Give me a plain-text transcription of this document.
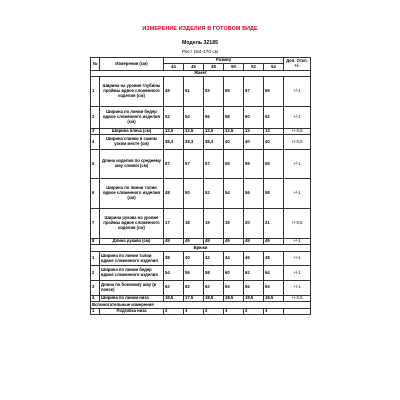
ИЗМЕРЕНИЕ ИЗДЕЛИЯ В ГОТОВОМ ВИДЕ
Модель 32185
Рост 164-170 см
№	Измерения (см)	Размер						Доп. Откл. +/-
		44	46	48	50	52	54	
Жакет								
1	Ширина на уровне глубины проймы вдвое сложенного изделия (см)	49	51	53	55	57	59	+/-1
2	Ширина по линии бедер вдвое сложенного изделия (см)	52	54	56	58	60	62	+/-1
3	Ширина плеча (см)	12,5	12,5	12,5	12,5	13	13	+/-0,5
4	Ширина спинки в самом узком месте (см)	38,3	38,3	38,3	40	40	40	+/-0,5
5	Длина изделия по среднему шву спинки (см)	57	57	57	59	59	59	+/-1
6	Ширина по линии талии вдвое сложенного изделия (см)	48	50	52	54	56	58	+/-1
7	Ширина рукава на уровне проймы вдвое сложенного изделия (см)	17	18	19	19	20	21	+/-0,5
8	Длина рукава (см)	49	49	49	49	49	49	+/-1
Брюки								
1	Ширина по линии талии вдвое сложенного изделия	38	40	42	44	46	48	+\-1
2	Ширина по линии бедер вдвое сложенного изделия	54	56	58	60	62	64	+\-1
3	Длина по боковому шву (в поясе)	92	92	92	94	94	94	+\-1
4	Ширина по линии низа	16,5	17,5	18,5	18,5	19,5	19,5	+\-0,5
Вспомогательные измерения								
1	Подгибка низа	3	3	3	3	3	3	
